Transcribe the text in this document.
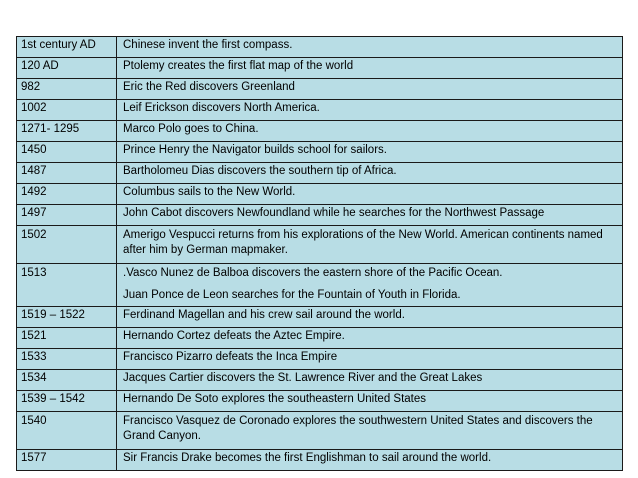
1st century AD	Chinese invent the first compass.
120 AD	Ptolemy creates the first flat map of the world
982	Eric the Red discovers Greenland
1002	Leif Erickson discovers North America.
1271- 1295	Marco Polo goes to China.
1450	Prince Henry the Navigator builds school for sailors.
1487	Bartholomeu Dias discovers the southern tip of Africa.
1492	Columbus sails to the New World.
1497	John Cabot discovers Newfoundland while he searches for the Northwest Passage
1502	Amerigo Vespucci returns from his explorations of the New World. American continents named after him by German mapmaker.
1513	.Vasco Nunez de Balboa discovers the eastern shore of the Pacific Ocean.
Juan Ponce de Leon searches for the Fountain of Youth in Florida.

1519 – 1522	Ferdinand Magellan and his crew sail around the world.
1521	Hernando Cortez defeats the Aztec Empire.
1533	Francisco Pizarro defeats the Inca Empire
1534	Jacques Cartier discovers the St. Lawrence River and the Great Lakes
1539 – 1542	Hernando De Soto explores the southeastern United States
1540	Francisco Vasquez de Coronado explores the southwestern United States and discovers the Grand Canyon.
1577	Sir Francis Drake becomes the first Englishman to sail around the world.
